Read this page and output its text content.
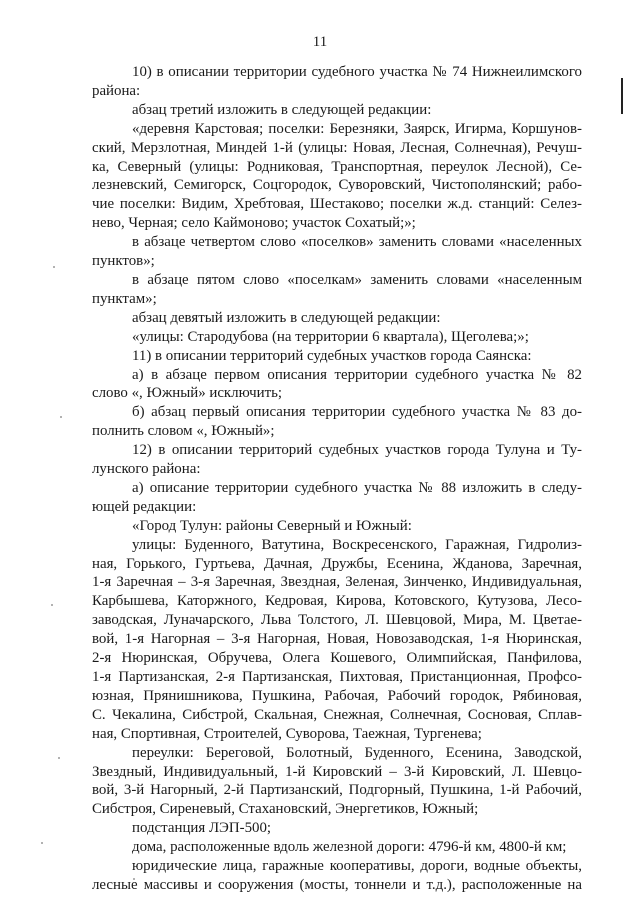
11
10) в описании территории судебного участка № 74 Нижнеилимского
района:
абзац третий изложить в следующей редакции:
«деревня Карстовая; поселки: Березняки, Заярск, Игирма, Коршунов-
ский, Мерзлотная, Миндей 1-й (улицы: Новая, Лесная, Солнечная), Речуш-
ка, Северный (улицы: Родниковая, Транспортная, переулок Лесной), Се-
лезневский, Семигорск, Соцгородок, Суворовский, Чистополянский; рабо-
чие поселки: Видим, Хребтовая, Шестаково; поселки ж.д. станций: Селез-
нево, Черная; село Каймоново; участок Сохатый;»;
в абзаце четвертом слово «поселков» заменить словами «населенных
пунктов»;
в абзаце пятом слово «поселкам» заменить словами «населенным
пунктам»;
абзац девятый изложить в следующей редакции:
«улицы: Стародубова (на территории 6 квартала), Щеголева;»;
11) в описании территорий судебных участков города Саянска:
а) в абзаце первом описания территории судебного участка № 82
слово «, Южный» исключить;
б) абзац первый описания территории судебного участка № 83 до-
полнить словом «, Южный»;
12) в описании территорий судебных участков города Тулуна и Ту-
лунского района:
а) описание территории судебного участка № 88 изложить в следу-
ющей редакции:
«Город Тулун: районы Северный и Южный:
улицы: Буденного, Ватутина, Воскресенского, Гаражная, Гидролиз-
ная, Горького, Гуртьева, Дачная, Дружбы, Есенина, Жданова, Заречная,
1-я Заречная – 3-я Заречная, Звездная, Зеленая, Зинченко, Индивидуальная,
Карбышева, Каторжного, Кедровая, Кирова, Котовского, Кутузова, Лесо-
заводская, Луначарского, Льва Толстого, Л. Шевцовой, Мира, М. Цветае-
вой, 1-я Нагорная – 3-я Нагорная, Новая, Новозаводская, 1-я Нюринская,
2-я Нюринская, Обручева, Олега Кошевого, Олимпийская, Панфилова,
1-я Партизанская, 2-я Партизанская, Пихтовая, Пристанционная, Профсо-
юзная, Прянишникова, Пушкина, Рабочая, Рабочий городок, Рябиновая,
С. Чекалина, Сибстрой, Скальная, Снежная, Солнечная, Сосновая, Сплав-
ная, Спортивная, Строителей, Суворова, Таежная, Тургенева;
переулки: Береговой, Болотный, Буденного, Есенина, Заводской,
Звездный, Индивидуальный, 1-й Кировский – 3-й Кировский, Л. Шевцо-
вой, 3-й Нагорный, 2-й Партизанский, Подгорный, Пушкина, 1-й Рабочий,
Сибстроя, Сиреневый, Стахановский, Энергетиков, Южный;
подстанция ЛЭП-500;
дома, расположенные вдоль железной дороги: 4796-й км, 4800-й км;
юридические лица, гаражные кооперативы, дороги, водные объекты,
лесные массивы и сооружения (мосты, тоннели и т.д.), расположенные на
